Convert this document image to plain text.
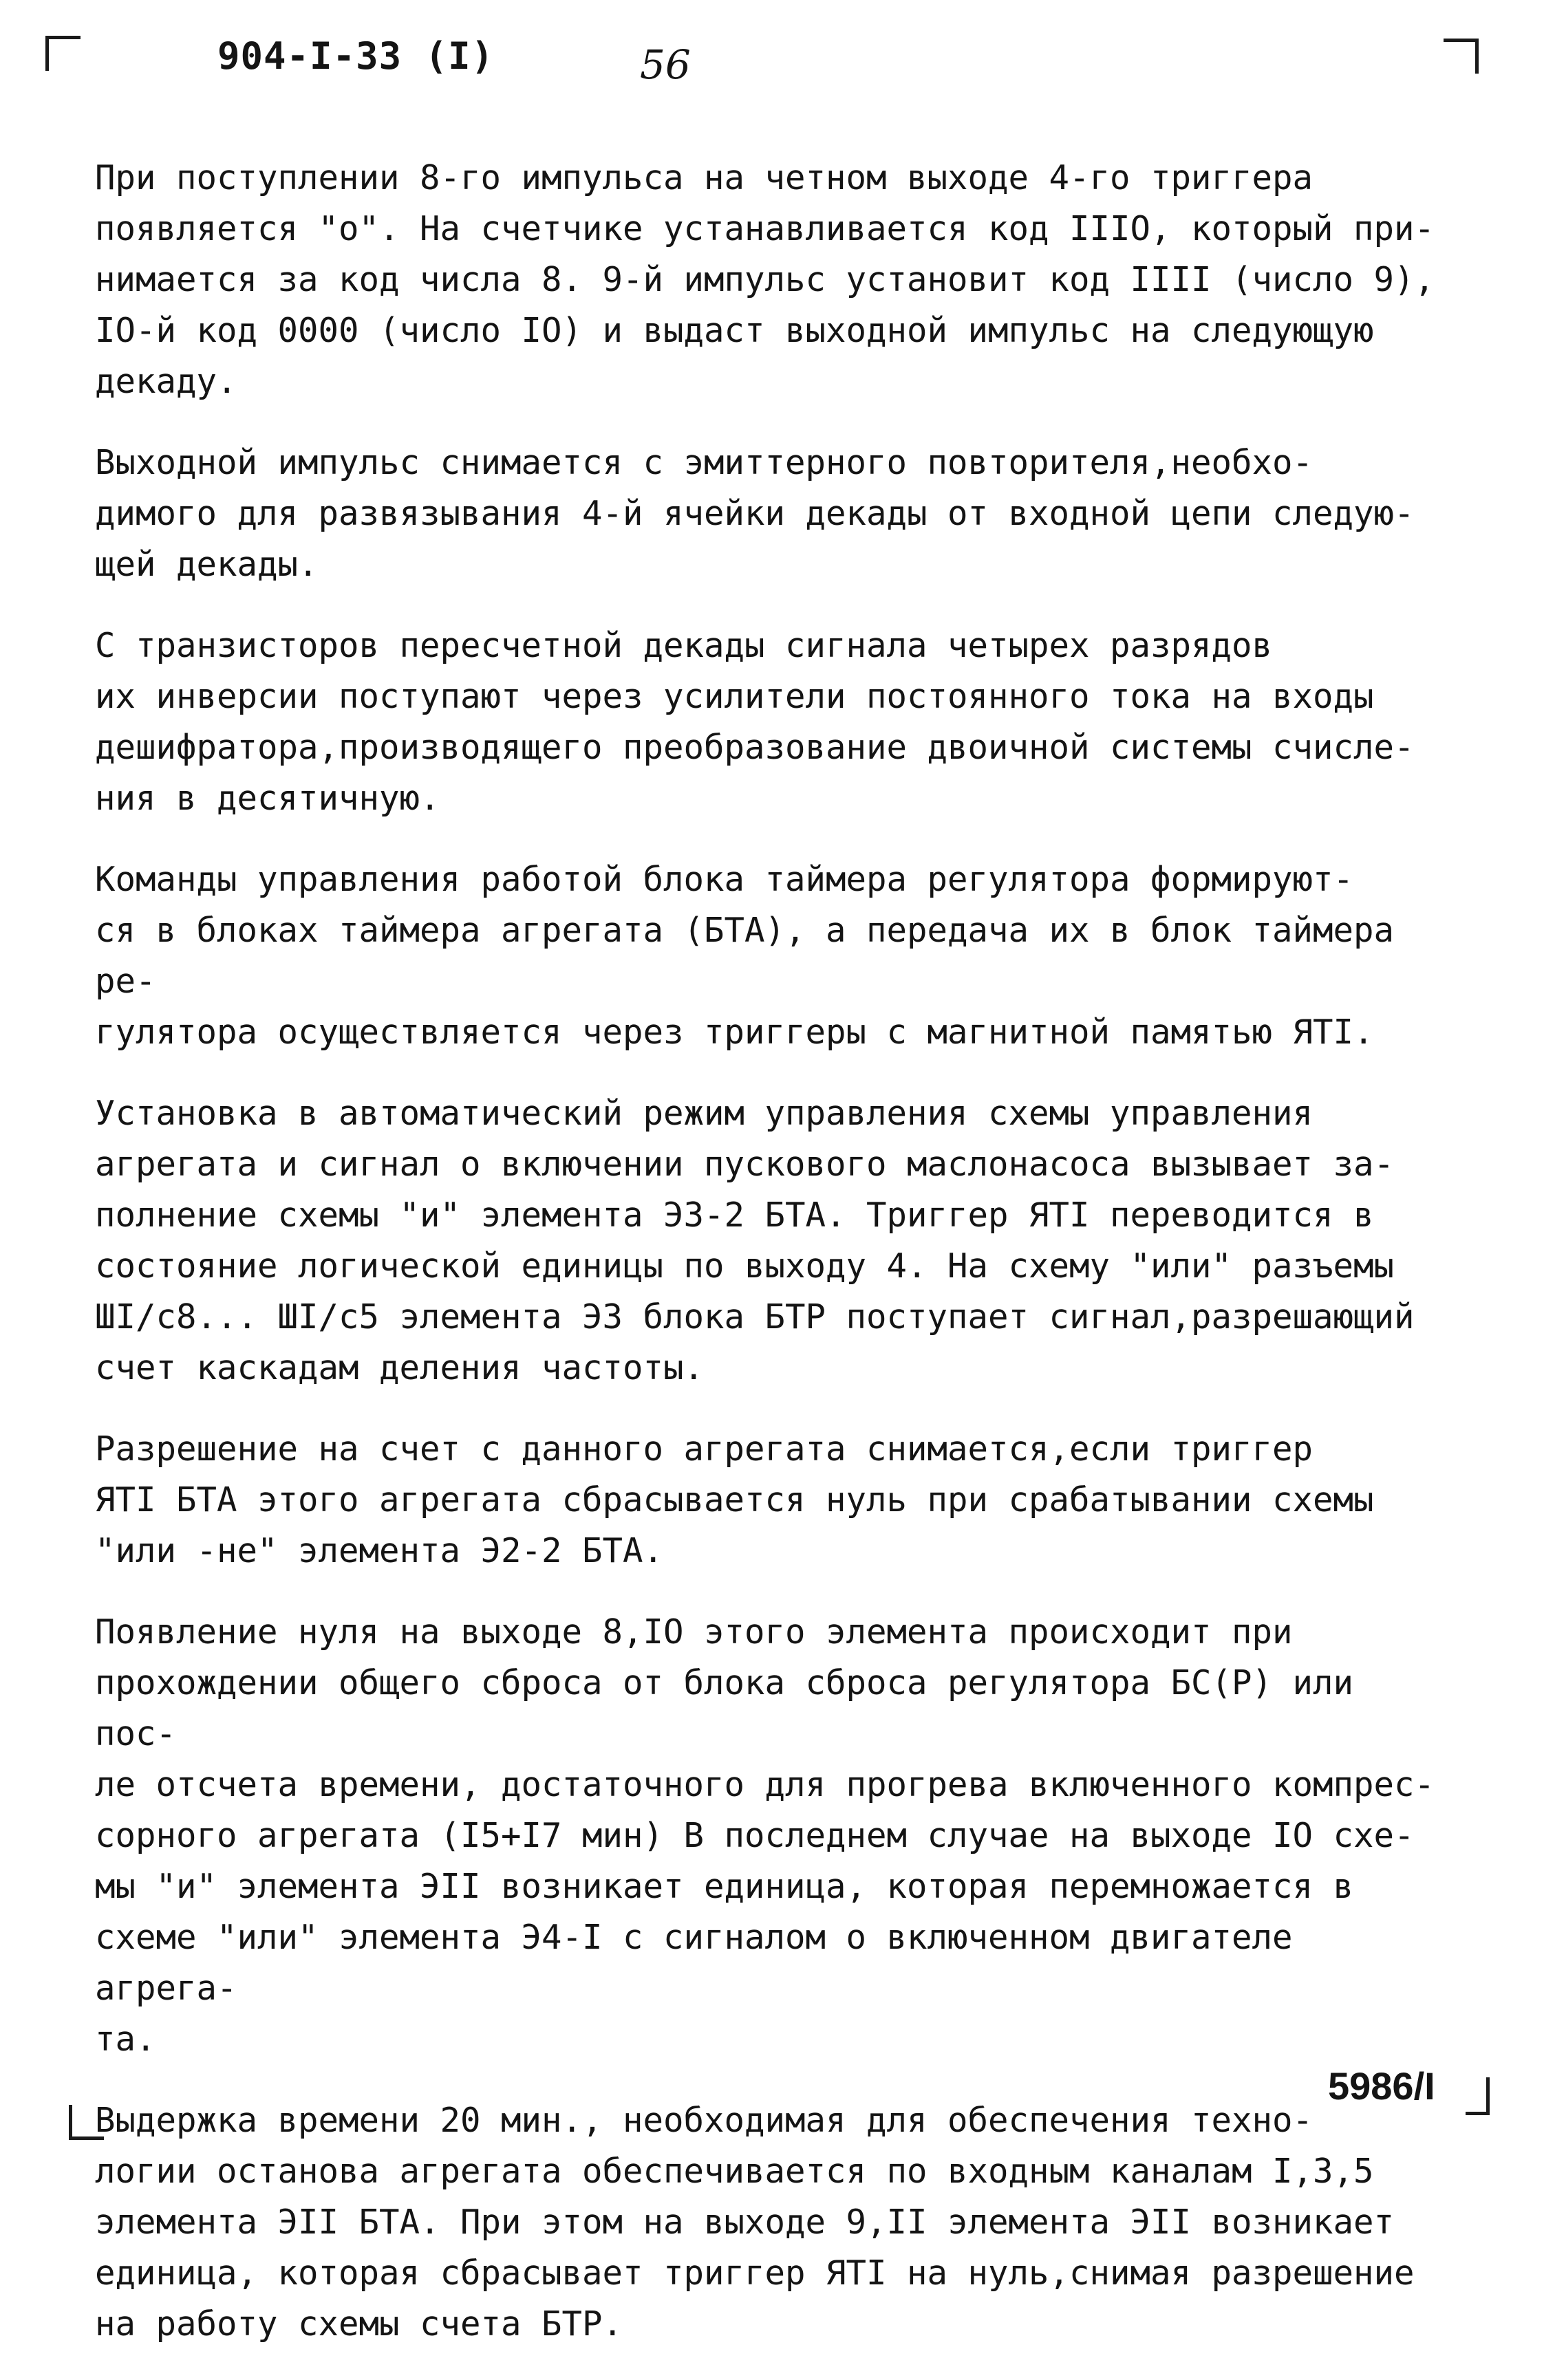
904-I-33 (I)	56

При поступлении 8-го импульса на четном выходе 4-го триггера
появляется "о". На счетчике устанавливается код IIIО, который при-
нимается за код числа 8. 9-й импульс установит код IIII (число 9),
IО-й код 0000 (число IО) и выдаст выходной импульс на следующую
декаду.

Выходной импульс снимается с эмиттерного повторителя,необхо-
димого для развязывания 4-й ячейки декады от входной цепи следую-
щей декады.

С транзисторов пересчетной декады сигнала четырех разрядов
их инверсии поступают через усилители постоянного тока на входы
дешифратора,производящего преобразование двоичной системы счисле-
ния в десятичную.

Команды управления работой блока таймера регулятора формируют-
ся в блоках таймера агрегата (БТА), а передача их в блок таймера ре-
гулятора осуществляется через триггеры с магнитной памятью ЯТI.

Установка в автоматический режим управления схемы управления
агрегата и сигнал о включении пускового маслонасоса вызывает за-
полнение схемы "и" элемента Э3-2 БТА. Триггер ЯТI переводится в
состояние логической единицы по выходу 4. На схему "или" разъемы
ШI/с8... ШI/с5 элемента Э3 блока БТР поступает сигнал,разрешающий
счет каскадам деления частоты.

Разрешение на счет с данного агрегата снимается,если триггер
ЯТI БТА этого агрегата сбрасывается нуль при срабатывании схемы
"или -не" элемента Э2-2 БТА.

Появление нуля на выходе 8,IО этого элемента происходит при
прохождении общего сброса от блока сброса регулятора БС(Р) или пос-
ле отсчета времени, достаточного для прогрева включенного компрес-
сорного агрегата (I5+I7 мин) В последнем случае на выходе IО схе-
мы "и" элемента ЭII возникает единица, которая перемножается в
схеме "или" элемента Э4-I с сигналом о включенном двигателе агрега-
та.

Выдержка времени 20 мин., необходимая для обеспечения техно-
логии останова агрегата обеспечивается по входным каналам I,3,5
элемента ЭII БТА. При этом на выходе 9,II элемента ЭII возникает
единица, которая сбрасывает триггер ЯТI на нуль,снимая разрешение
на работу схемы счета БТР.

5986/I
